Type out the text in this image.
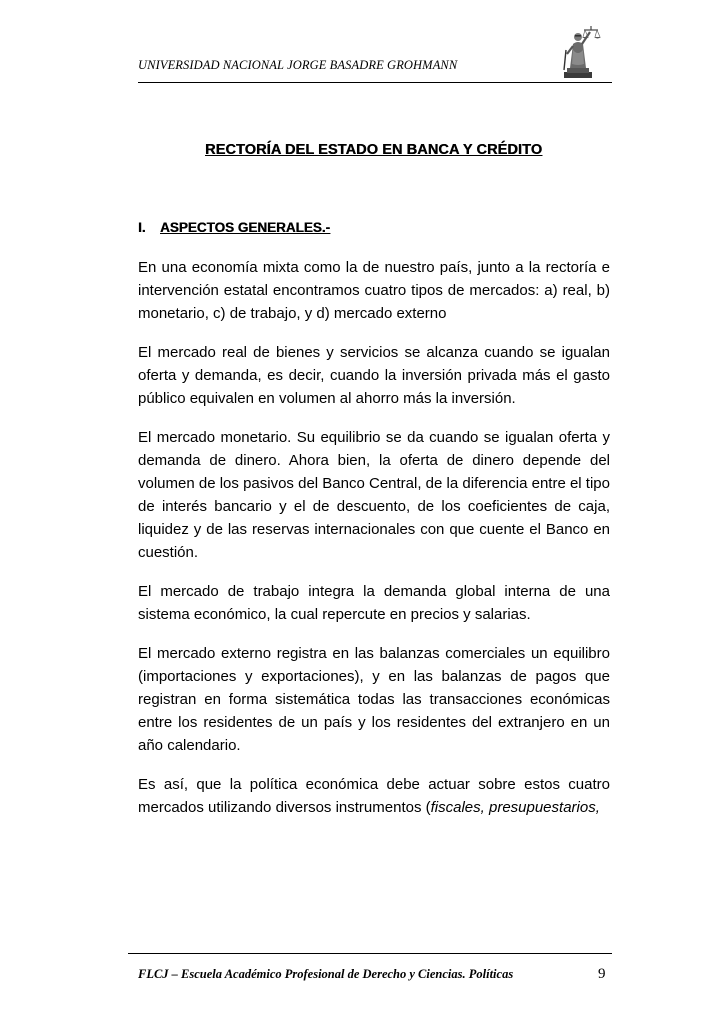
UNIVERSIDAD NACIONAL JORGE BASADRE GROHMANN
RECTORÍA DEL ESTADO EN BANCA Y CRÉDITO
I. ASPECTOS GENERALES.-

En una economía mixta como la de nuestro país, junto a la rectoría e intervención estatal encontramos cuatro tipos de mercados: a) real, b) monetario, c) de trabajo, y d) mercado externo

El mercado real de bienes y servicios se alcanza cuando se igualan oferta y demanda, es decir, cuando la inversión privada más el gasto público equivalen en volumen al ahorro más la inversión.

El mercado monetario. Su equilibrio se da cuando se igualan oferta y demanda de dinero. Ahora bien, la oferta de dinero depende del volumen de los pasivos del Banco Central, de la diferencia entre el tipo de interés bancario y el de descuento, de los coeficientes de caja, liquidez y de las reservas internacionales con que cuente el Banco en cuestión.

El mercado de trabajo integra la demanda global interna de una sistema económico, la cual repercute en precios y salarias.

El mercado externo registra en las balanzas comerciales un equilibro (importaciones y exportaciones), y en las balanzas de pagos que registran en forma sistemática todas las transacciones económicas entre los residentes de un país y los residentes del extranjero en un año calendario.

Es así, que la política económica debe actuar sobre estos cuatro mercados utilizando diversos instrumentos (fiscales, presupuestarios,

FLCJ – Escuela Académico Profesional de Derecho y Ciencias. Políticas	9
